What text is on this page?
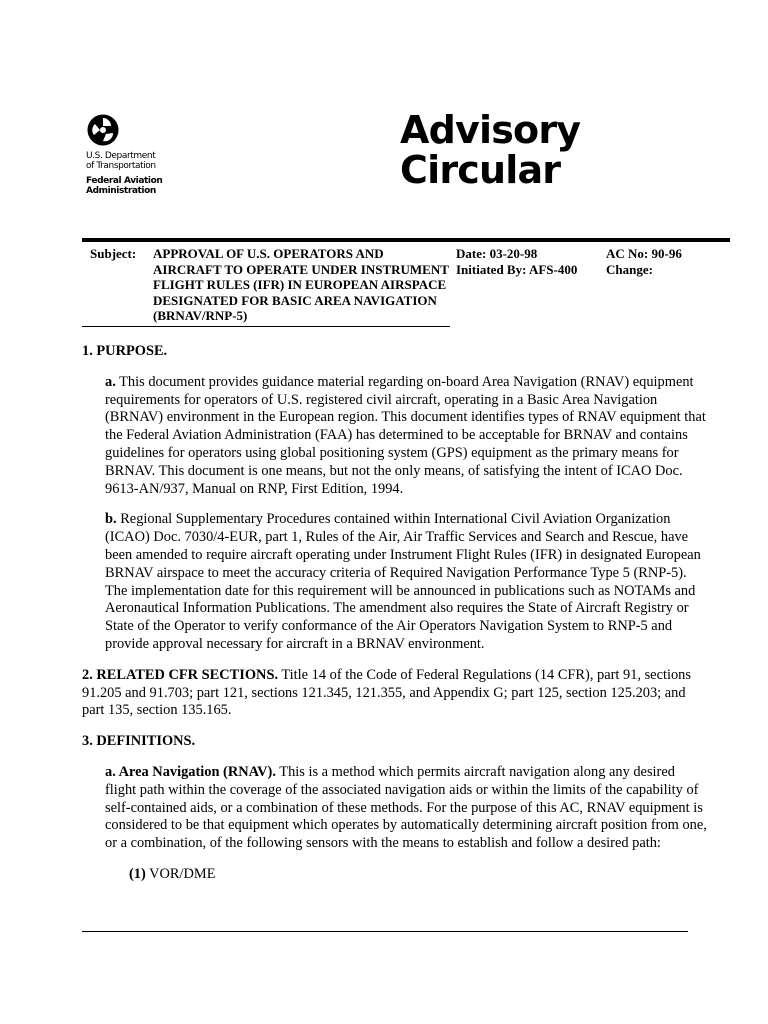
U.S. Department
of Transportation
Federal Aviation
Administration
Advisory
Circular
Subject: APPROVAL OF U.S. OPERATORS AND AIRCRAFT TO OPERATE UNDER INSTRUMENT FLIGHT RULES (IFR) IN EUROPEAN AIRSPACE DESIGNATED FOR BASIC AREA NAVIGATION (BRNAV/RNP-5)
Date: 03-20-98
Initiated By: AFS-400
AC No: 90-96
Change:

1. PURPOSE.

a. This document provides guidance material regarding on-board Area Navigation (RNAV) equipment requirements for operators of U.S. registered civil aircraft, operating in a Basic Area Navigation (BRNAV) environment in the European region. This document identifies types of RNAV equipment that the Federal Aviation Administration (FAA) has determined to be acceptable for BRNAV and contains guidelines for operators using global positioning system (GPS) equipment as the primary means for BRNAV. This document is one means, but not the only means, of satisfying the intent of ICAO Doc. 9613-AN/937, Manual on RNP, First Edition, 1994.

b. Regional Supplementary Procedures contained within International Civil Aviation Organization (ICAO) Doc. 7030/4-EUR, part 1, Rules of the Air, Air Traffic Services and Search and Rescue, have been amended to require aircraft operating under Instrument Flight Rules (IFR) in designated European BRNAV airspace to meet the accuracy criteria of Required Navigation Performance Type 5 (RNP-5). The implementation date for this requirement will be announced in publications such as NOTAMs and Aeronautical Information Publications. The amendment also requires the State of Aircraft Registry or State of the Operator to verify conformance of the Air Operators Navigation System to RNP-5 and provide approval necessary for aircraft in a BRNAV environment.

2. RELATED CFR SECTIONS. Title 14 of the Code of Federal Regulations (14 CFR), part 91, sections 91.205 and 91.703; part 121, sections 121.345, 121.355, and Appendix G; part 125, section 125.203; and part 135, section 135.165.

3. DEFINITIONS.

a. Area Navigation (RNAV). This is a method which permits aircraft navigation along any desired flight path within the coverage of the associated navigation aids or within the limits of the capability of self-contained aids, or a combination of these methods. For the purpose of this AC, RNAV equipment is considered to be that equipment which operates by automatically determining aircraft position from one, or a combination, of the following sensors with the means to establish and follow a desired path:

(1) VOR/DME
